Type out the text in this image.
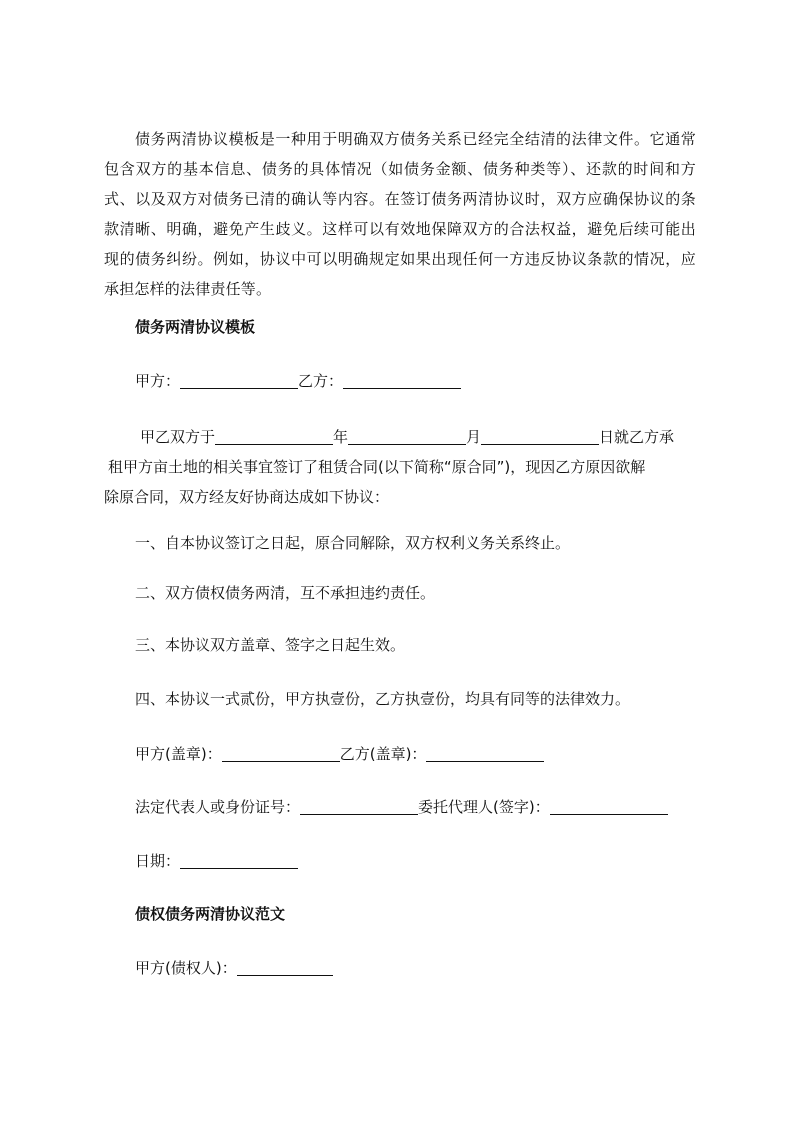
债务两清协议模板是一种用于明确双方债务关系已经完全结清的法律文件。它通常包含双方的基本信息、债务的具体情况（如债务金额、债务种类等）、还款的时间和方式、以及双方对债务已清的确认等内容。在签订债务两清协议时，双方应确保协议的条款清晰、明确，避免产生歧义。这样可以有效地保障双方的合法权益，避免后续可能出现的债务纠纷。例如，协议中可以明确规定如果出现任何一方违反协议条款的情况，应承担怎样的法律责任等。

债务两清协议模板

甲方：	乙方：

甲乙双方于	年	月	日就乙方承
租甲方亩土地的相关事宜签订了租赁合同(以下简称“原合同”)，现因乙方原因欲解
除原合同，双方经友好协商达成如下协议：

一、自本协议签订之日起，原合同解除，双方权利义务关系终止。

二、双方债权债务两清，互不承担违约责任。

三、本协议双方盖章、签字之日起生效。

四、本协议一式贰份，甲方执壹份，乙方执壹份，均具有同等的法律效力。

甲方(盖章)：	乙方(盖章)：

法定代表人或身份证号：	委托代理人(签字)：

日期：

债权债务两清协议范文

甲方(债权人)：
